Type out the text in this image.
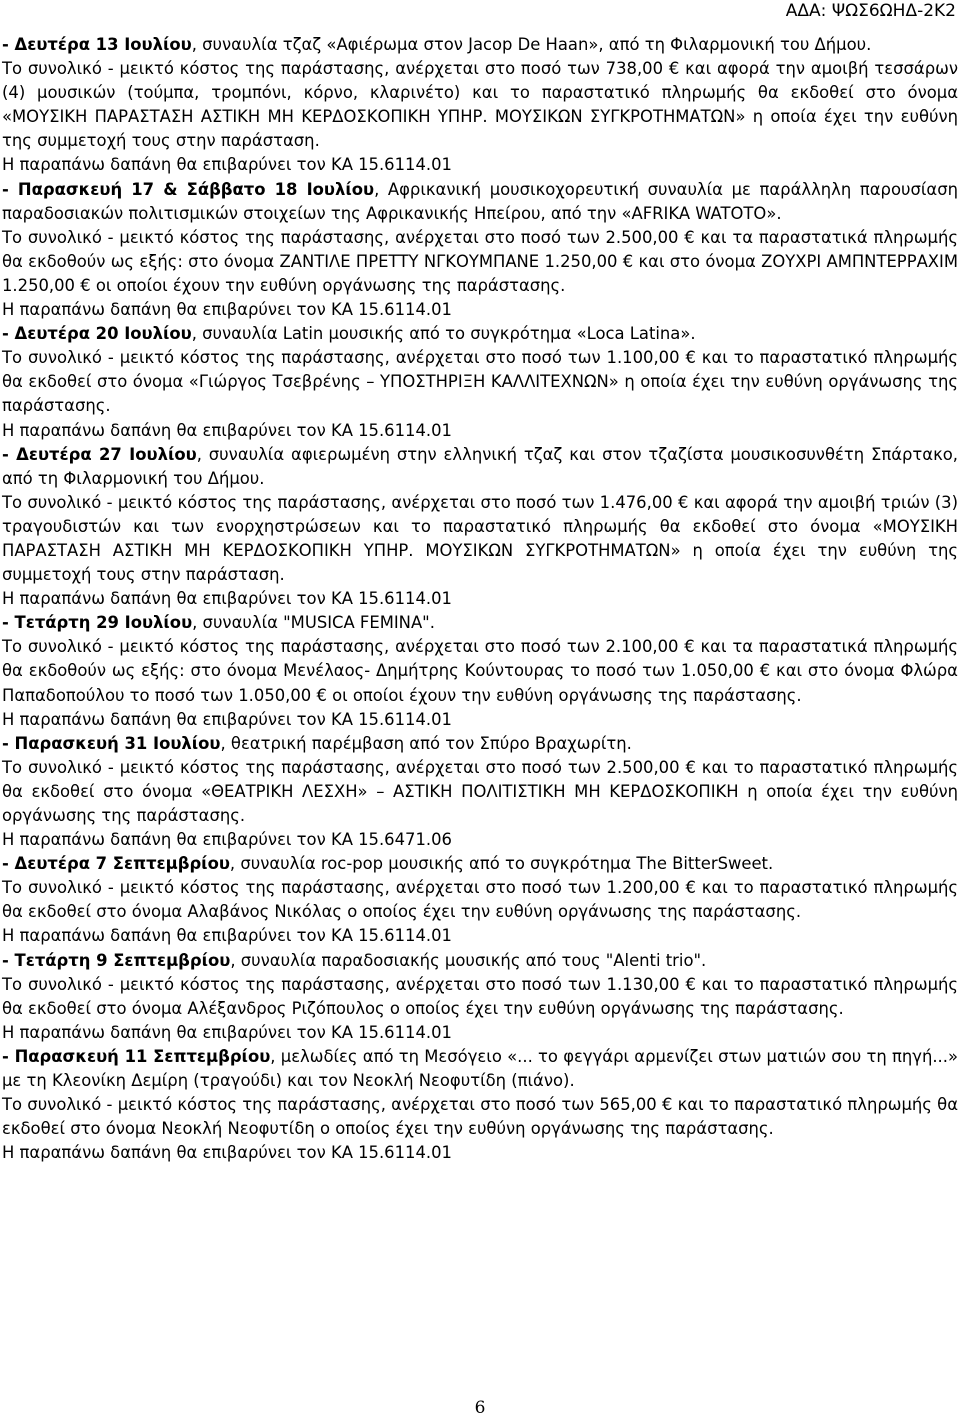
ΑΔΑ: ΨΩΣ6ΩΗΔ-2Κ2

- Δευτέρα 13 Ιουλίου, συναυλία τζαζ «Αφιέρωμα στον Jacop De Haan», από τη Φιλαρμονική του Δήμου.

Το συνολικό - μεικτό κόστος της παράστασης, ανέρχεται στο ποσό των 738,00 € και αφορά την αμοιβή τεσσάρων (4) μουσικών (τούμπα, τρομπόνι, κόρνο, κλαρινέτο) και το παραστατικό πληρωμής θα εκδοθεί στο όνομα «ΜΟΥΣΙΚΗ ΠΑΡΑΣΤΑΣΗ ΑΣΤΙΚΗ ΜΗ ΚΕΡΔΟΣΚΟΠΙΚΗ ΥΠΗΡ. ΜΟΥΣΙΚΩΝ ΣΥΓΚΡΟΤΗΜΑΤΩΝ» η οποία έχει την ευθύνη της συμμετοχή τους στην παράσταση.

Η παραπάνω δαπάνη θα επιβαρύνει τον ΚΑ 15.6114.01

- Παρασκευή 17 & Σάββατο 18 Ιουλίου, Αφρικανική μουσικοχορευτική συναυλία με παράλληλη παρουσίαση παραδοσιακών πολιτισμικών στοιχείων της Αφρικανικής Ηπείρου, από την «AFRIKA WATOTO».

Το συνολικό - μεικτό κόστος της παράστασης, ανέρχεται στο ποσό των 2.500,00 € και τα παραστατικά πληρωμής θα εκδοθούν ως εξής: στο όνομα ΖΑΝΤΙΛΕ ΠΡΕΤΤΥ ΝΓΚΟΥΜΠΑΝΕ 1.250,00 € και στο όνομα ΖΟΥΧΡΙ ΑΜΠΝΤΕΡΡΑΧΙΜ 1.250,00 € οι οποίοι έχουν την ευθύνη οργάνωσης της παράστασης.

Η παραπάνω δαπάνη θα επιβαρύνει τον ΚΑ 15.6114.01

- Δευτέρα 20 Ιουλίου, συναυλία Latin μουσικής από το συγκρότημα «Loca Latina».

Το συνολικό - μεικτό κόστος της παράστασης, ανέρχεται στο ποσό των 1.100,00 € και το παραστατικό πληρωμής θα εκδοθεί στο όνομα «Γιώργος Τσεβρένης – ΥΠΟΣΤΗΡΙΞΗ ΚΑΛΛΙΤΕΧΝΩΝ» η οποία έχει την ευθύνη οργάνωσης της παράστασης.

Η παραπάνω δαπάνη θα επιβαρύνει τον ΚΑ 15.6114.01

- Δευτέρα 27 Ιουλίου, συναυλία αφιερωμένη στην ελληνική τζαζ και στον τζαζίστα μουσικοσυνθέτη Σπάρτακο, από τη Φιλαρμονική του Δήμου.

Το συνολικό - μεικτό κόστος της παράστασης, ανέρχεται στο ποσό των 1.476,00 € και αφορά την αμοιβή τριών (3) τραγουδιστών και των ενορχηστρώσεων και το παραστατικό πληρωμής θα εκδοθεί στο όνομα «ΜΟΥΣΙΚΗ ΠΑΡΑΣΤΑΣΗ ΑΣΤΙΚΗ ΜΗ ΚΕΡΔΟΣΚΟΠΙΚΗ ΥΠΗΡ. ΜΟΥΣΙΚΩΝ ΣΥΓΚΡΟΤΗΜΑΤΩΝ» η οποία έχει την ευθύνη της συμμετοχή τους στην παράσταση.

Η παραπάνω δαπάνη θα επιβαρύνει τον ΚΑ 15.6114.01

- Τετάρτη 29 Ιουλίου, συναυλία "MUSICA FEMINA".

Το συνολικό - μεικτό κόστος της παράστασης, ανέρχεται στο ποσό των 2.100,00 € και τα παραστατικά πληρωμής θα εκδοθούν ως εξής: στο όνομα Μενέλαος- Δημήτρης Κούντουρας το ποσό των 1.050,00 € και στο όνομα Φλώρα Παπαδοπούλου το ποσό των 1.050,00 € οι οποίοι έχουν την ευθύνη οργάνωσης της παράστασης.

Η παραπάνω δαπάνη θα επιβαρύνει τον ΚΑ 15.6114.01

- Παρασκευή 31 Ιουλίου, θεατρική παρέμβαση από τον Σπύρο Βραχωρίτη.

Το συνολικό - μεικτό κόστος της παράστασης, ανέρχεται στο ποσό των 2.500,00 € και το παραστατικό πληρωμής θα εκδοθεί στο όνομα «ΘΕΑΤΡΙΚΗ ΛΕΣΧΗ» – ΑΣΤΙΚΗ ΠΟΛΙΤΙΣΤΙΚΗ ΜΗ ΚΕΡΔΟΣΚΟΠΙΚΗ η οποία έχει την ευθύνη οργάνωσης της παράστασης.

Η παραπάνω δαπάνη θα επιβαρύνει τον ΚΑ 15.6471.06

- Δευτέρα 7 Σεπτεμβρίου, συναυλία roc-pop μουσικής από το συγκρότημα The BitterSweet.

Το συνολικό - μεικτό κόστος της παράστασης, ανέρχεται στο ποσό των 1.200,00 € και το παραστατικό πληρωμής θα εκδοθεί στο όνομα Αλαβάνος Νικόλας ο οποίος έχει την ευθύνη οργάνωσης της παράστασης.

Η παραπάνω δαπάνη θα επιβαρύνει τον ΚΑ 15.6114.01

- Τετάρτη 9 Σεπτεμβρίου, συναυλία παραδοσιακής μουσικής από τους "Alenti trio".

Το συνολικό - μεικτό κόστος της παράστασης, ανέρχεται στο ποσό των 1.130,00 € και το παραστατικό πληρωμής θα εκδοθεί στο όνομα Αλέξανδρος Ριζόπουλος ο οποίος έχει την ευθύνη οργάνωσης της παράστασης.

Η παραπάνω δαπάνη θα επιβαρύνει τον ΚΑ 15.6114.01

- Παρασκευή 11 Σεπτεμβρίου, μελωδίες από τη Μεσόγειο «... το φεγγάρι αρμενίζει στων ματιών σου τη πηγή...» με τη Κλεονίκη Δεμίρη (τραγούδι) και τον Νεοκλή Νεοφυτίδη (πιάνο).

Το συνολικό - μεικτό κόστος της παράστασης, ανέρχεται στο ποσό των 565,00 € και το παραστατικό πληρωμής θα εκδοθεί στο όνομα Νεοκλή Νεοφυτίδη ο οποίος έχει την ευθύνη οργάνωσης της παράστασης.

Η παραπάνω δαπάνη θα επιβαρύνει τον ΚΑ 15.6114.01

6
